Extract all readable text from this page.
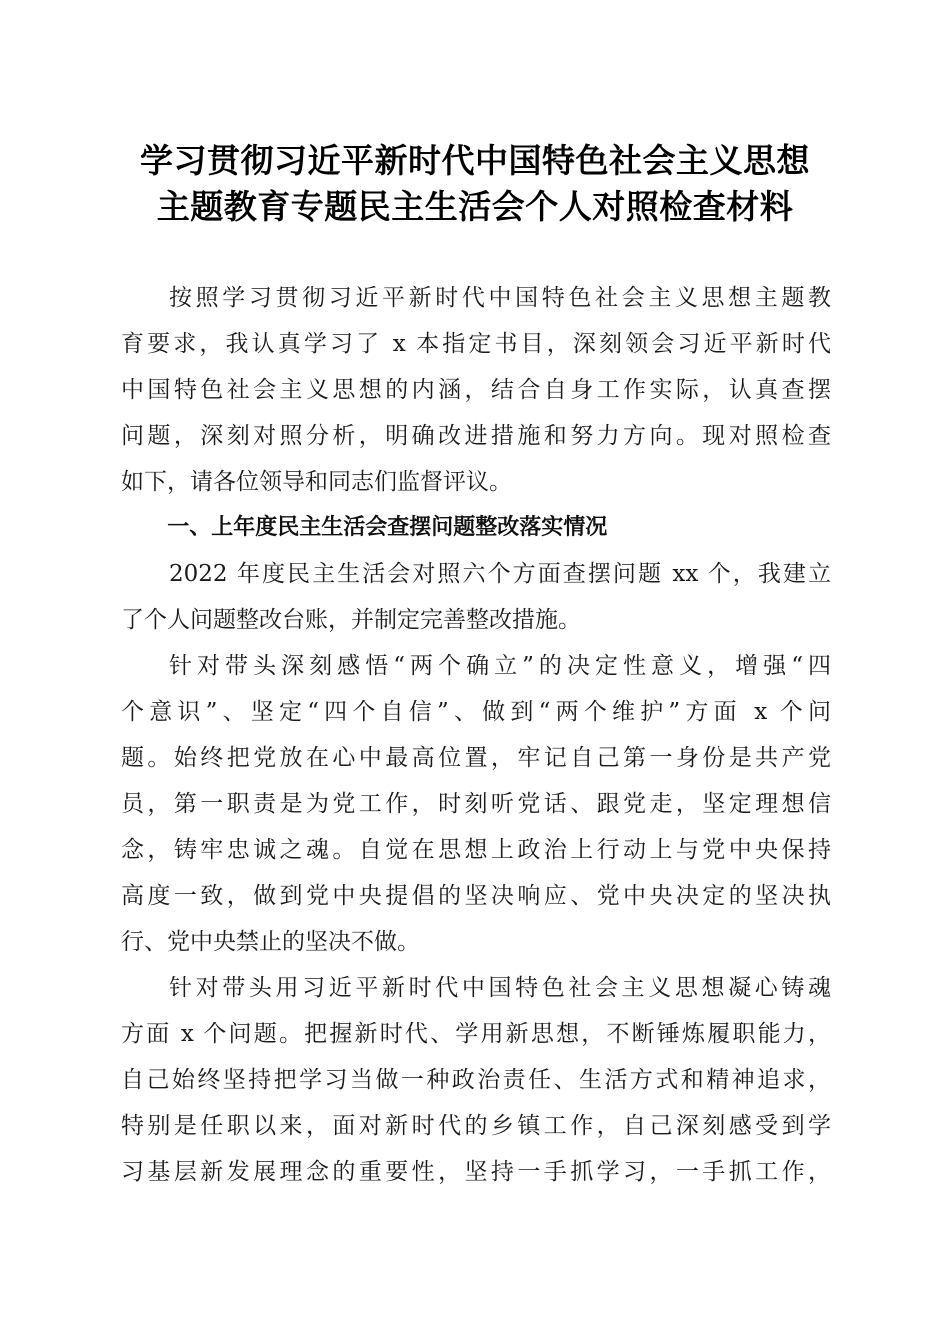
学习贯彻习近平新时代中国特色社会主义思想
主题教育专题民主生活会个人对照检查材料
按照学习贯彻习近平新时代中国特色社会主义思想主题教
育要求，我认真学习了 x 本指定书目，深刻领会习近平新时代
中国特色社会主义思想的内涵，结合自身工作实际，认真查摆
问题，深刻对照分析，明确改进措施和努力方向。现对照检查
如下，请各位领导和同志们监督评议。
一、上年度民主生活会查摆问题整改落实情况
2022 年度民主生活会对照六个方面查摆问题 xx 个，我建立
了个人问题整改台账，并制定完善整改措施。
针对带头深刻感悟“两个确立”的决定性意义，增强“四
个意识”、坚定“四个自信”、做到“两个维护”方面 x 个问
题。始终把党放在心中最高位置，牢记自己第一身份是共产党
员，第一职责是为党工作，时刻听党话、跟党走，坚定理想信
念，铸牢忠诚之魂。自觉在思想上政治上行动上与党中央保持
高度一致，做到党中央提倡的坚决响应、党中央决定的坚决执
行、党中央禁止的坚决不做。
针对带头用习近平新时代中国特色社会主义思想凝心铸魂
方面 x 个问题。把握新时代、学用新思想，不断锤炼履职能力，
自己始终坚持把学习当做一种政治责任、生活方式和精神追求，
特别是任职以来，面对新时代的乡镇工作，自己深刻感受到学
习基层新发展理念的重要性，坚持一手抓学习，一手抓工作，
